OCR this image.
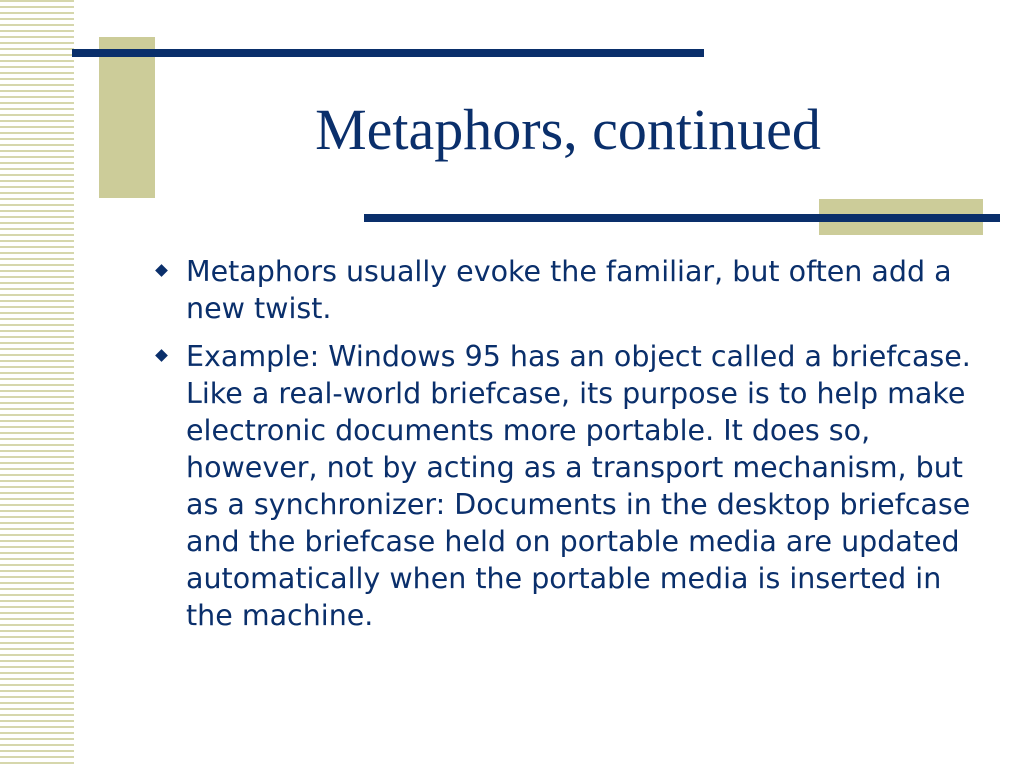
Metaphors, continued
Metaphors usually evoke the familiar, but often add a new twist.
Example: Windows 95 has an object called a briefcase. Like a real-world briefcase, its purpose is to help make electronic documents more portable. It does so, however, not by acting as a transport mechanism, but as a synchronizer: Documents in the desktop briefcase and the briefcase held on portable media are updated automatically when the portable media is inserted in the machine.
